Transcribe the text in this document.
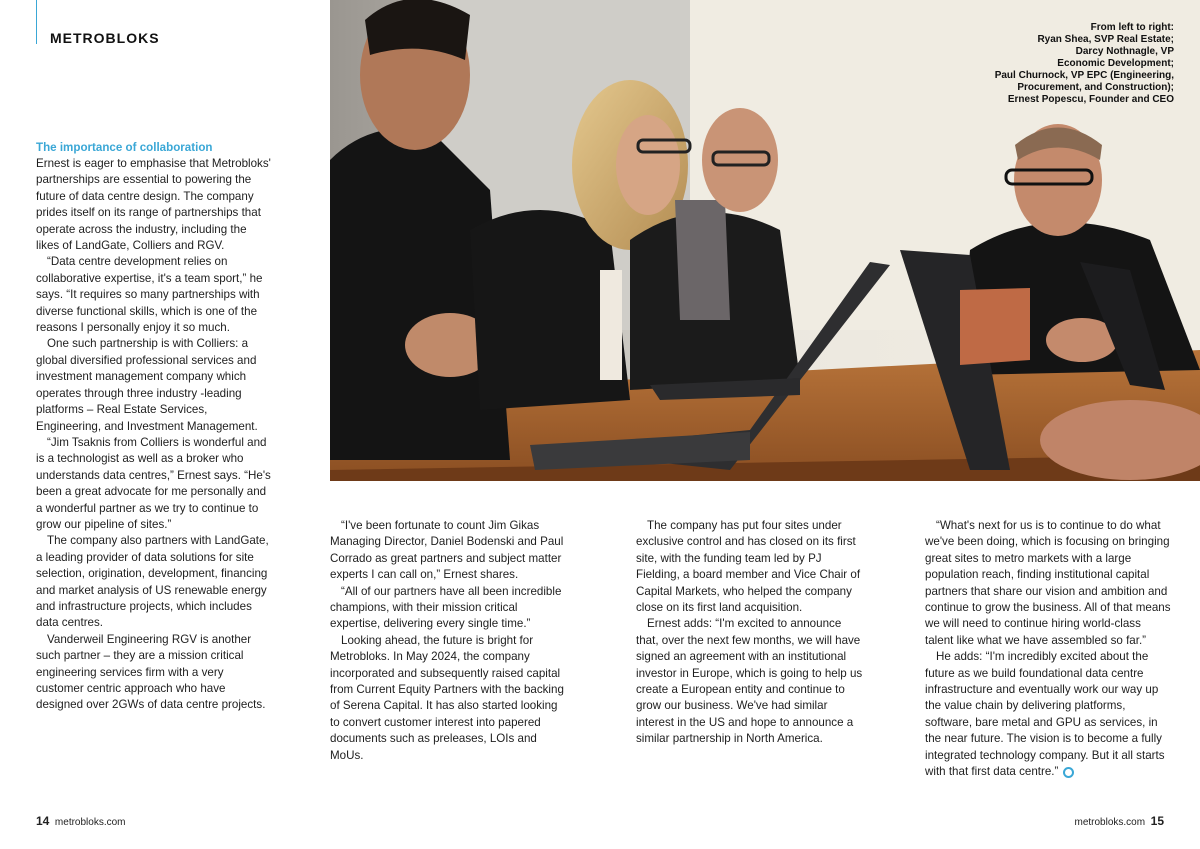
METROBLOKS
From left to right:
Ryan Shea, SVP Real Estate;
Darcy Nothnagle, VP
Economic Development;
Paul Churnock, VP EPC (Engineering,
Procurement, and Construction);
Ernest Popescu, Founder and CEO
The importance of collaboration

Ernest is eager to emphasise that Metrobloks' partnerships are essential to powering the future of data centre design. The company prides itself on its range of partnerships that operate across the industry, including the likes of LandGate, Colliers and RGV.

“Data centre development relies on collaborative expertise, it's a team sport,” he says. “It requires so many partnerships with diverse functional skills, which is one of the reasons I personally enjoy it so much.

One such partnership is with Colliers: a global diversified professional services and investment management company which operates through three industry -leading platforms – Real Estate Services, Engineering, and Investment Management.

“Jim Tsaknis from Colliers is wonderful and is a technologist as well as a broker who understands data centres,” Ernest says. “He's been a great advocate for me personally and a wonderful partner as we try to continue to grow our pipeline of sites.”

The company also partners with LandGate, a leading provider of data solutions for site selection, origination, development, financing and market analysis of US renewable energy and infrastructure projects, which includes data centres.

Vanderweil Engineering RGV is another such partner – they are a mission critical engineering services firm with a very customer centric approach who have designed over 2GWs of data centre projects.

“I've been fortunate to count Jim Gikas Managing Director, Daniel Bodenski and Paul Corrado as great partners and subject matter experts I can call on,” Ernest shares.

“All of our partners have all been incredible champions, with their mission critical expertise, delivering every single time.”

Looking ahead, the future is bright for Metrobloks. In May 2024, the company incorporated and subsequently raised capital from Current Equity Partners with the backing of Serena Capital. It has also started looking to convert customer interest into papered documents such as preleases, LOIs and MoUs.

The company has put four sites under exclusive control and has closed on its first site, with the funding team led by PJ Fielding, a board member and Vice Chair of Capital Markets, who helped the company close on its first land acquisition.

Ernest adds: “I'm excited to announce that, over the next few months, we will have signed an agreement with an institutional investor in Europe, which is going to help us create a European entity and continue to grow our business. We've had similar interest in the US and hope to announce a similar partnership in North America.

“What's next for us is to continue to do what we've been doing, which is focusing on bringing great sites to metro markets with a large population reach, finding institutional capital partners that share our vision and ambition and continue to grow the business. All of that means we will need to continue hiring world-class talent like what we have assembled so far.”

He adds: “I'm incredibly excited about the future as we build foundational data centre infrastructure and eventually work our way up the value chain by delivering platforms, software, bare metal and GPU as services, in the near future. The vision is to become a fully integrated technology company. But it all starts with that first data centre.”

14 metrobloks.com	metrobloks.com 15
